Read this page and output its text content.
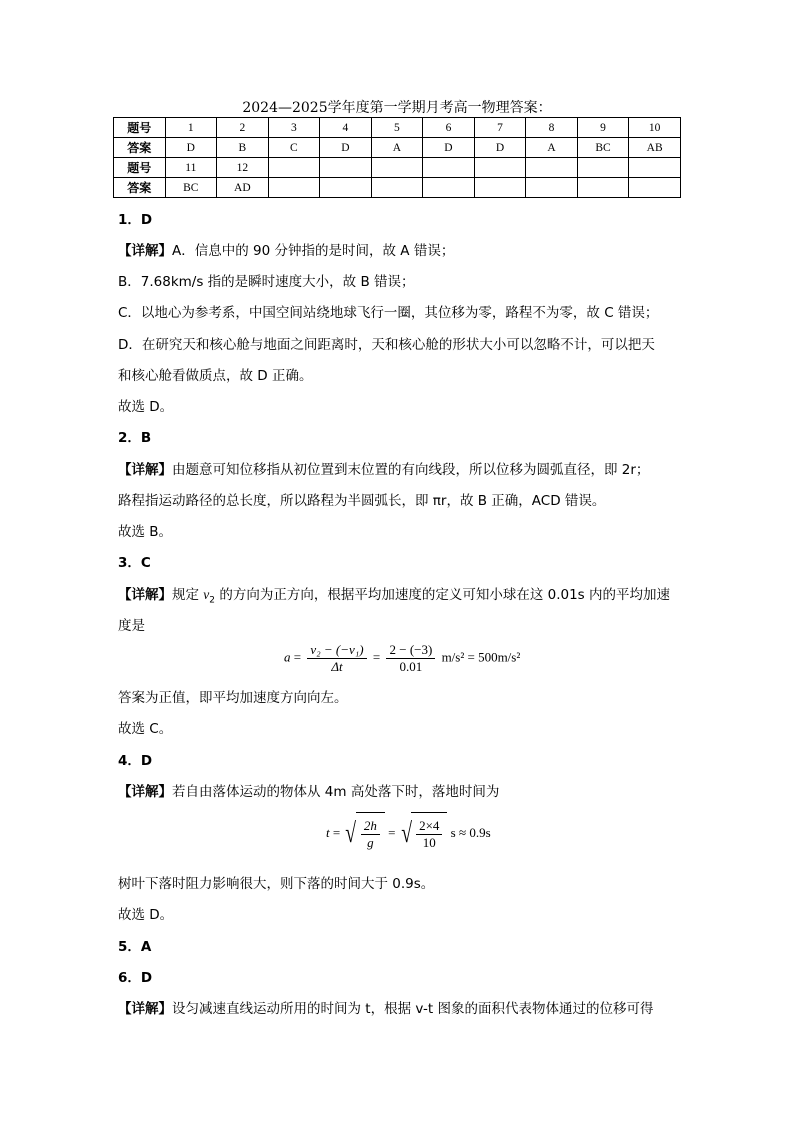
2024—2025学年度第一学期月考高一物理答案：
题号	1	2	3	4	5	6	7	8	9	10
答案	D	B	C	D	A	D	D	A	BC	AB
题号	11	12								
答案	BC	AD								
1．D
【详解】A．信息中的 90 分钟指的是时间，故 A 错误；
B．7.68km/s 指的是瞬时速度大小，故 B 错误；
C．以地心为参考系，中国空间站绕地球飞行一圈，其位移为零，路程不为零，故 C 错误；
D．在研究天和核心舱与地面之间距离时，天和核心舱的形状大小可以忽略不计，可以把天
和核心舱看做质点，故 D 正确。
故选 D。
2．B
【详解】由题意可知位移指从初位置到末位置的有向线段，所以位移为圆弧直径，即 2r；
路程指运动路径的总长度，所以路程为半圆弧长，即 πr，故 B 正确，ACD 错误。
故选 B。
3．C
【详解】规定 $v_2$ 的方向为正方向，根据平均加速度的定义可知小球在这 0.01s 内的平均加速
度是
$a = \frac{\text{v₂ − (−v₁)}}{\Delta t} = \frac{2 - (-3)}{0.01} m/s^2 = 500m/s^2$
答案为正值，即平均加速度方向向左。
故选 C。
4．D
【详解】若自由落体运动的物体从 4m 高处落下时，落地时间为
t = √ $\frac{2h}{g}$ = √ $\frac{2\times 4}{10}$ s ≈ 0.9s
树叶下落时阻力影响很大，则下落的时间大于 0.9s。
故选 D。
5．A
6．D
【详解】设匀减速直线运动所用的时间为 t，根据 v-t 图象的面积代表物体通过的位移可得
